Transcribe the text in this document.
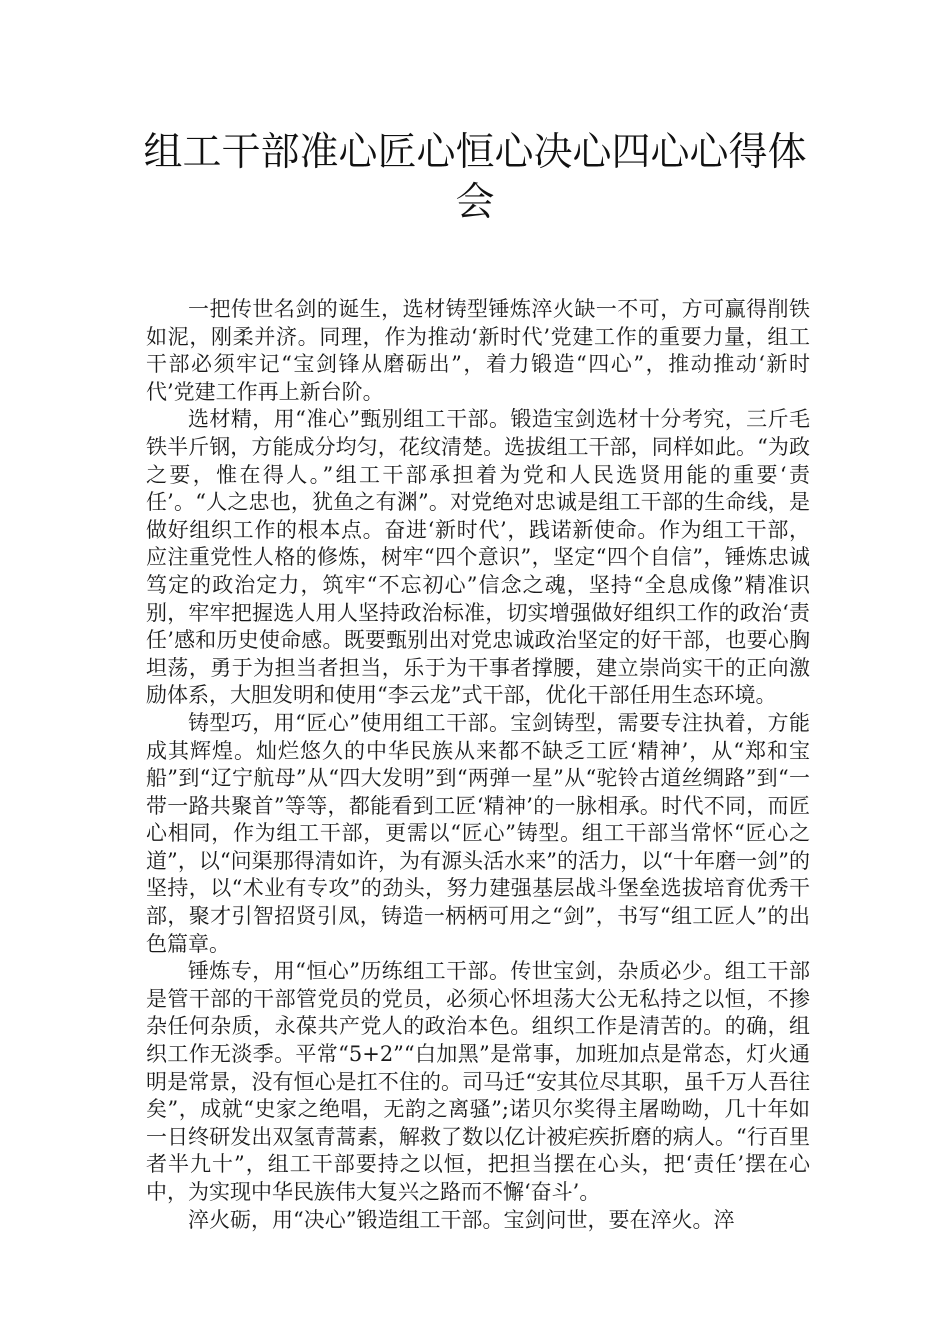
组工干部准心匠心恒心决心四心心得体会

一把传世名剑的诞生，选材铸型锤炼淬火缺一不可，方可赢得削铁如泥，刚柔并济。同理，作为推动‘新时代’党建工作的重要力量，组工干部必须牢记“宝剑锋从磨砺出”，着力锻造“四心”，推动推动‘新时代’党建工作再上新台阶。

选材精，用“准心”甄别组工干部。锻造宝剑选材十分考究，三斤毛铁半斤钢，方能成分均匀，花纹清楚。选拔组工干部，同样如此。“为政之要，惟在得人。”组工干部承担着为党和人民选贤用能的重要‘责任’。“人之忠也，犹鱼之有渊”。对党绝对忠诚是组工干部的生命线，是做好组织工作的根本点。奋进‘新时代’，践诺新使命。作为组工干部，应注重党性人格的修炼，树牢“四个意识”，坚定“四个自信”，锤炼忠诚笃定的政治定力，筑牢“不忘初心”信念之魂，坚持“全息成像”精准识别，牢牢把握选人用人坚持政治标准，切实增强做好组织工作的政治‘责任’感和历史使命感。既要甄别出对党忠诚政治坚定的好干部，也要心胸坦荡，勇于为担当者担当，乐于为干事者撑腰，建立崇尚实干的正向激励体系，大胆发明和使用“李云龙”式干部，优化干部任用生态环境。

铸型巧，用“匠心”使用组工干部。宝剑铸型，需要专注执着，方能成其辉煌。灿烂悠久的中华民族从来都不缺乏工匠‘精神’，从“郑和宝船”到“辽宁航母”从“四大发明”到“两弹一星”从“驼铃古道丝绸路”到“一带一路共聚首”等等，都能看到工匠‘精神’的一脉相承。时代不同，而匠心相同，作为组工干部，更需以“匠心”铸型。组工干部当常怀“匠心之道”，以“问渠那得清如许，为有源头活水来”的活力，以“十年磨一剑”的坚持，以“术业有专攻”的劲头，努力建强基层战斗堡垒选拔培育优秀干部，聚才引智招贤引凤，铸造一柄柄可用之“剑”，书写“组工匠人”的出色篇章。

锤炼专，用“恒心”历练组工干部。传世宝剑，杂质必少。组工干部是管干部的干部管党员的党员，必须心怀坦荡大公无私持之以恒，不掺杂任何杂质，永葆共产党人的政治本色。组织工作是清苦的。的确，组织工作无淡季。平常“5+2”“白加黑”是常事，加班加点是常态，灯火通明是常景，没有恒心是扛不住的。司马迁“安其位尽其职，虽千万人吾往矣”，成就“史家之绝唱，无韵之离骚”;诺贝尔奖得主屠呦呦，几十年如一日终研发出双氢青蒿素，解救了数以亿计被疟疾折磨的病人。“行百里者半九十”，组工干部要持之以恒，把担当摆在心头，把‘责任’摆在心中，为实现中华民族伟大复兴之路而不懈‘奋斗’。

淬火砺，用“决心”锻造组工干部。宝剑问世，要在淬火。淬
